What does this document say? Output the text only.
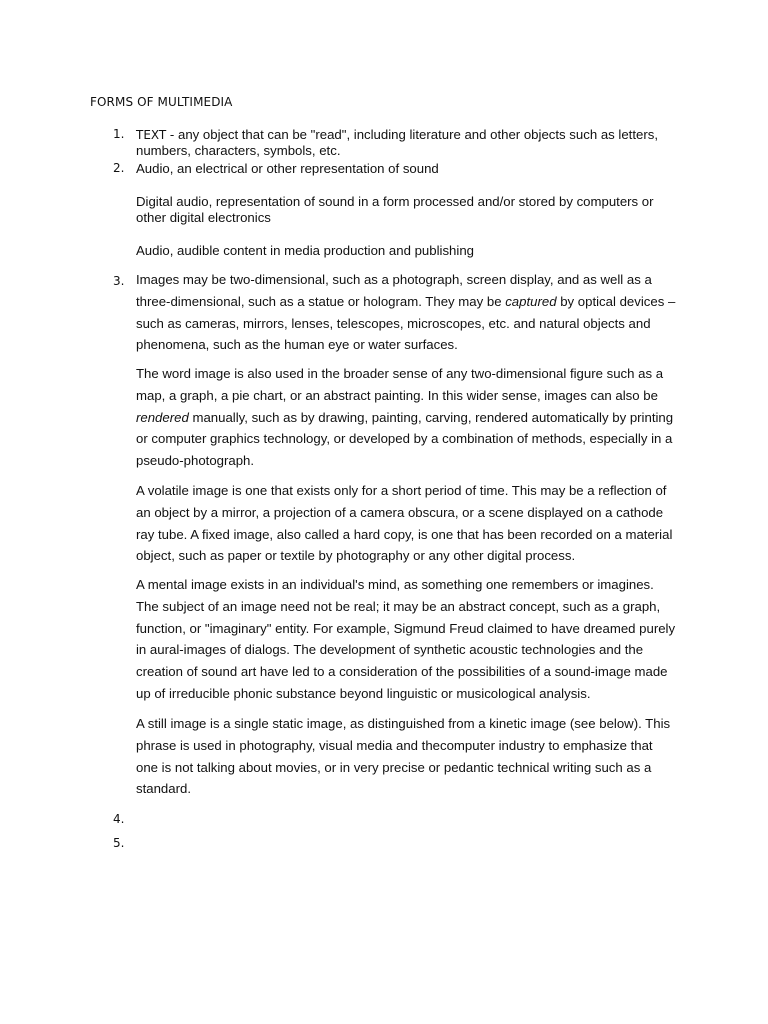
FORMS OF MULTIMEDIA
1. TEXT - any object that can be "read", including literature and other objects such as letters, numbers, characters, symbols, etc.
2. Audio, an electrical or other representation of sound
Digital audio, representation of sound in a form processed and/or stored by computers or other digital electronics
Audio, audible content in media production and publishing
3. Images may be two-dimensional, such as a photograph, screen display, and as well as a three-dimensional, such as a statue or hologram. They may be captured by optical devices – such as cameras, mirrors, lenses, telescopes, microscopes, etc. and natural objects and phenomena, such as the human eye or water surfaces.
The word image is also used in the broader sense of any two-dimensional figure such as a map, a graph, a pie chart, or an abstract painting. In this wider sense, images can also be rendered manually, such as by drawing, painting, carving, rendered automatically by printing or computer graphics technology, or developed by a combination of methods, especially in a pseudo-photograph.
A volatile image is one that exists only for a short period of time. This may be a reflection of an object by a mirror, a projection of a camera obscura, or a scene displayed on a cathode ray tube. A fixed image, also called a hard copy, is one that has been recorded on a material object, such as paper or textile by photography or any other digital process.
A mental image exists in an individual's mind, as something one remembers or imagines. The subject of an image need not be real; it may be an abstract concept, such as a graph, function, or "imaginary" entity. For example, Sigmund Freud claimed to have dreamed purely in aural-images of dialogs. The development of synthetic acoustic technologies and the creation of sound art have led to a consideration of the possibilities of a sound-image made up of irreducible phonic substance beyond linguistic or musicological analysis.
A still image is a single static image, as distinguished from a kinetic image (see below). This phrase is used in photography, visual media and thecomputer industry to emphasize that one is not talking about movies, or in very precise or pedantic technical writing such as a standard.
4.
5.
